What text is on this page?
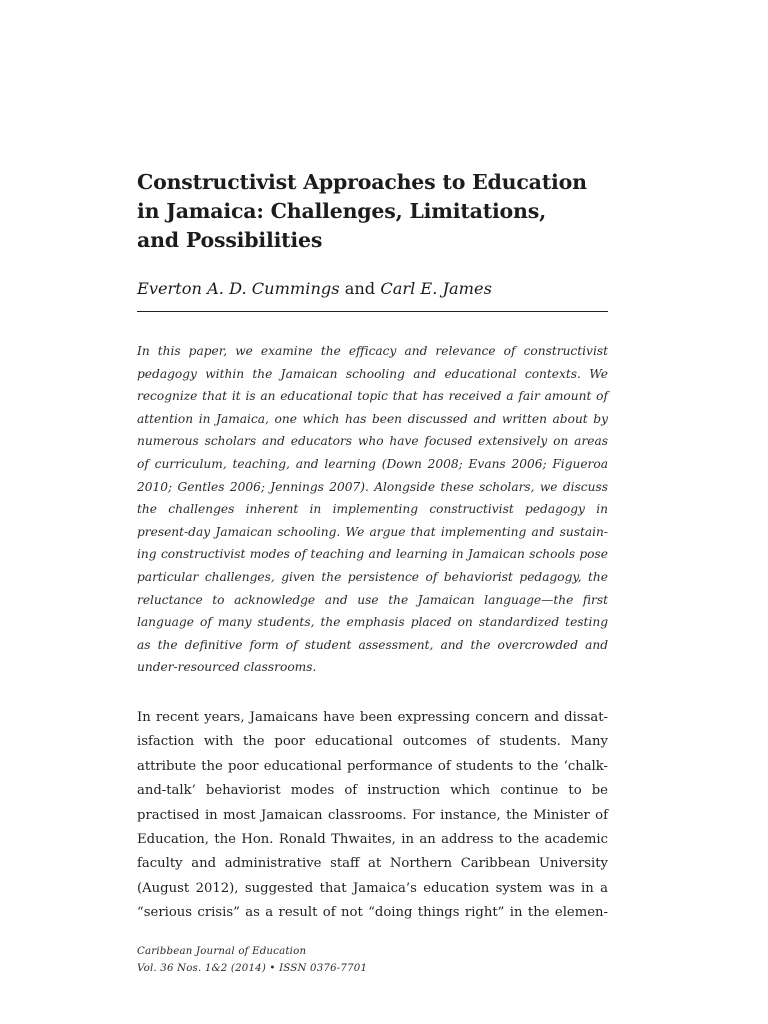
Constructivist Approaches to Education
in Jamaica: Challenges, Limitations,
and Possibilities
Everton A. D. Cummings and Carl E. James
In this paper, we examine the efficacy and relevance of constructivist
pedagogy within the Jamaican schooling and educational contexts. We
recognize that it is an educational topic that has received a fair amount of
attention in Jamaica, one which has been discussed and written about by
numerous scholars and educators who have focused extensively on areas
of curriculum, teaching, and learning (Down 2008; Evans 2006; Figueroa
2010; Gentles 2006; Jennings 2007). Alongside these scholars, we discuss
the challenges inherent in implementing constructivist pedagogy in
present-day Jamaican schooling. We argue that implementing and sustain-
ing constructivist modes of teaching and learning in Jamaican schools pose
particular challenges, given the persistence of behaviorist pedagogy, the
reluctance to acknowledge and use the Jamaican language—the first
language of many students, the emphasis placed on standardized testing
as the definitive form of student assessment, and the overcrowded and
under-resourced classrooms.
In recent years, Jamaicans have been expressing concern and dissat-
isfaction with the poor educational outcomes of students. Many
attribute the poor educational performance of students to the ‘chalk-
and-talk’ behaviorist modes of instruction which continue to be
practised in most Jamaican classrooms. For instance, the Minister of
Education, the Hon. Ronald Thwaites, in an address to the academic
faculty and administrative staff at Northern Caribbean University
(August 2012), suggested that Jamaica’s education system was in a
“serious crisis” as a result of not “doing things right” in the elemen-
Caribbean Journal of Education
Vol. 36 Nos. 1&2 (2014) • ISSN 0376-7701
